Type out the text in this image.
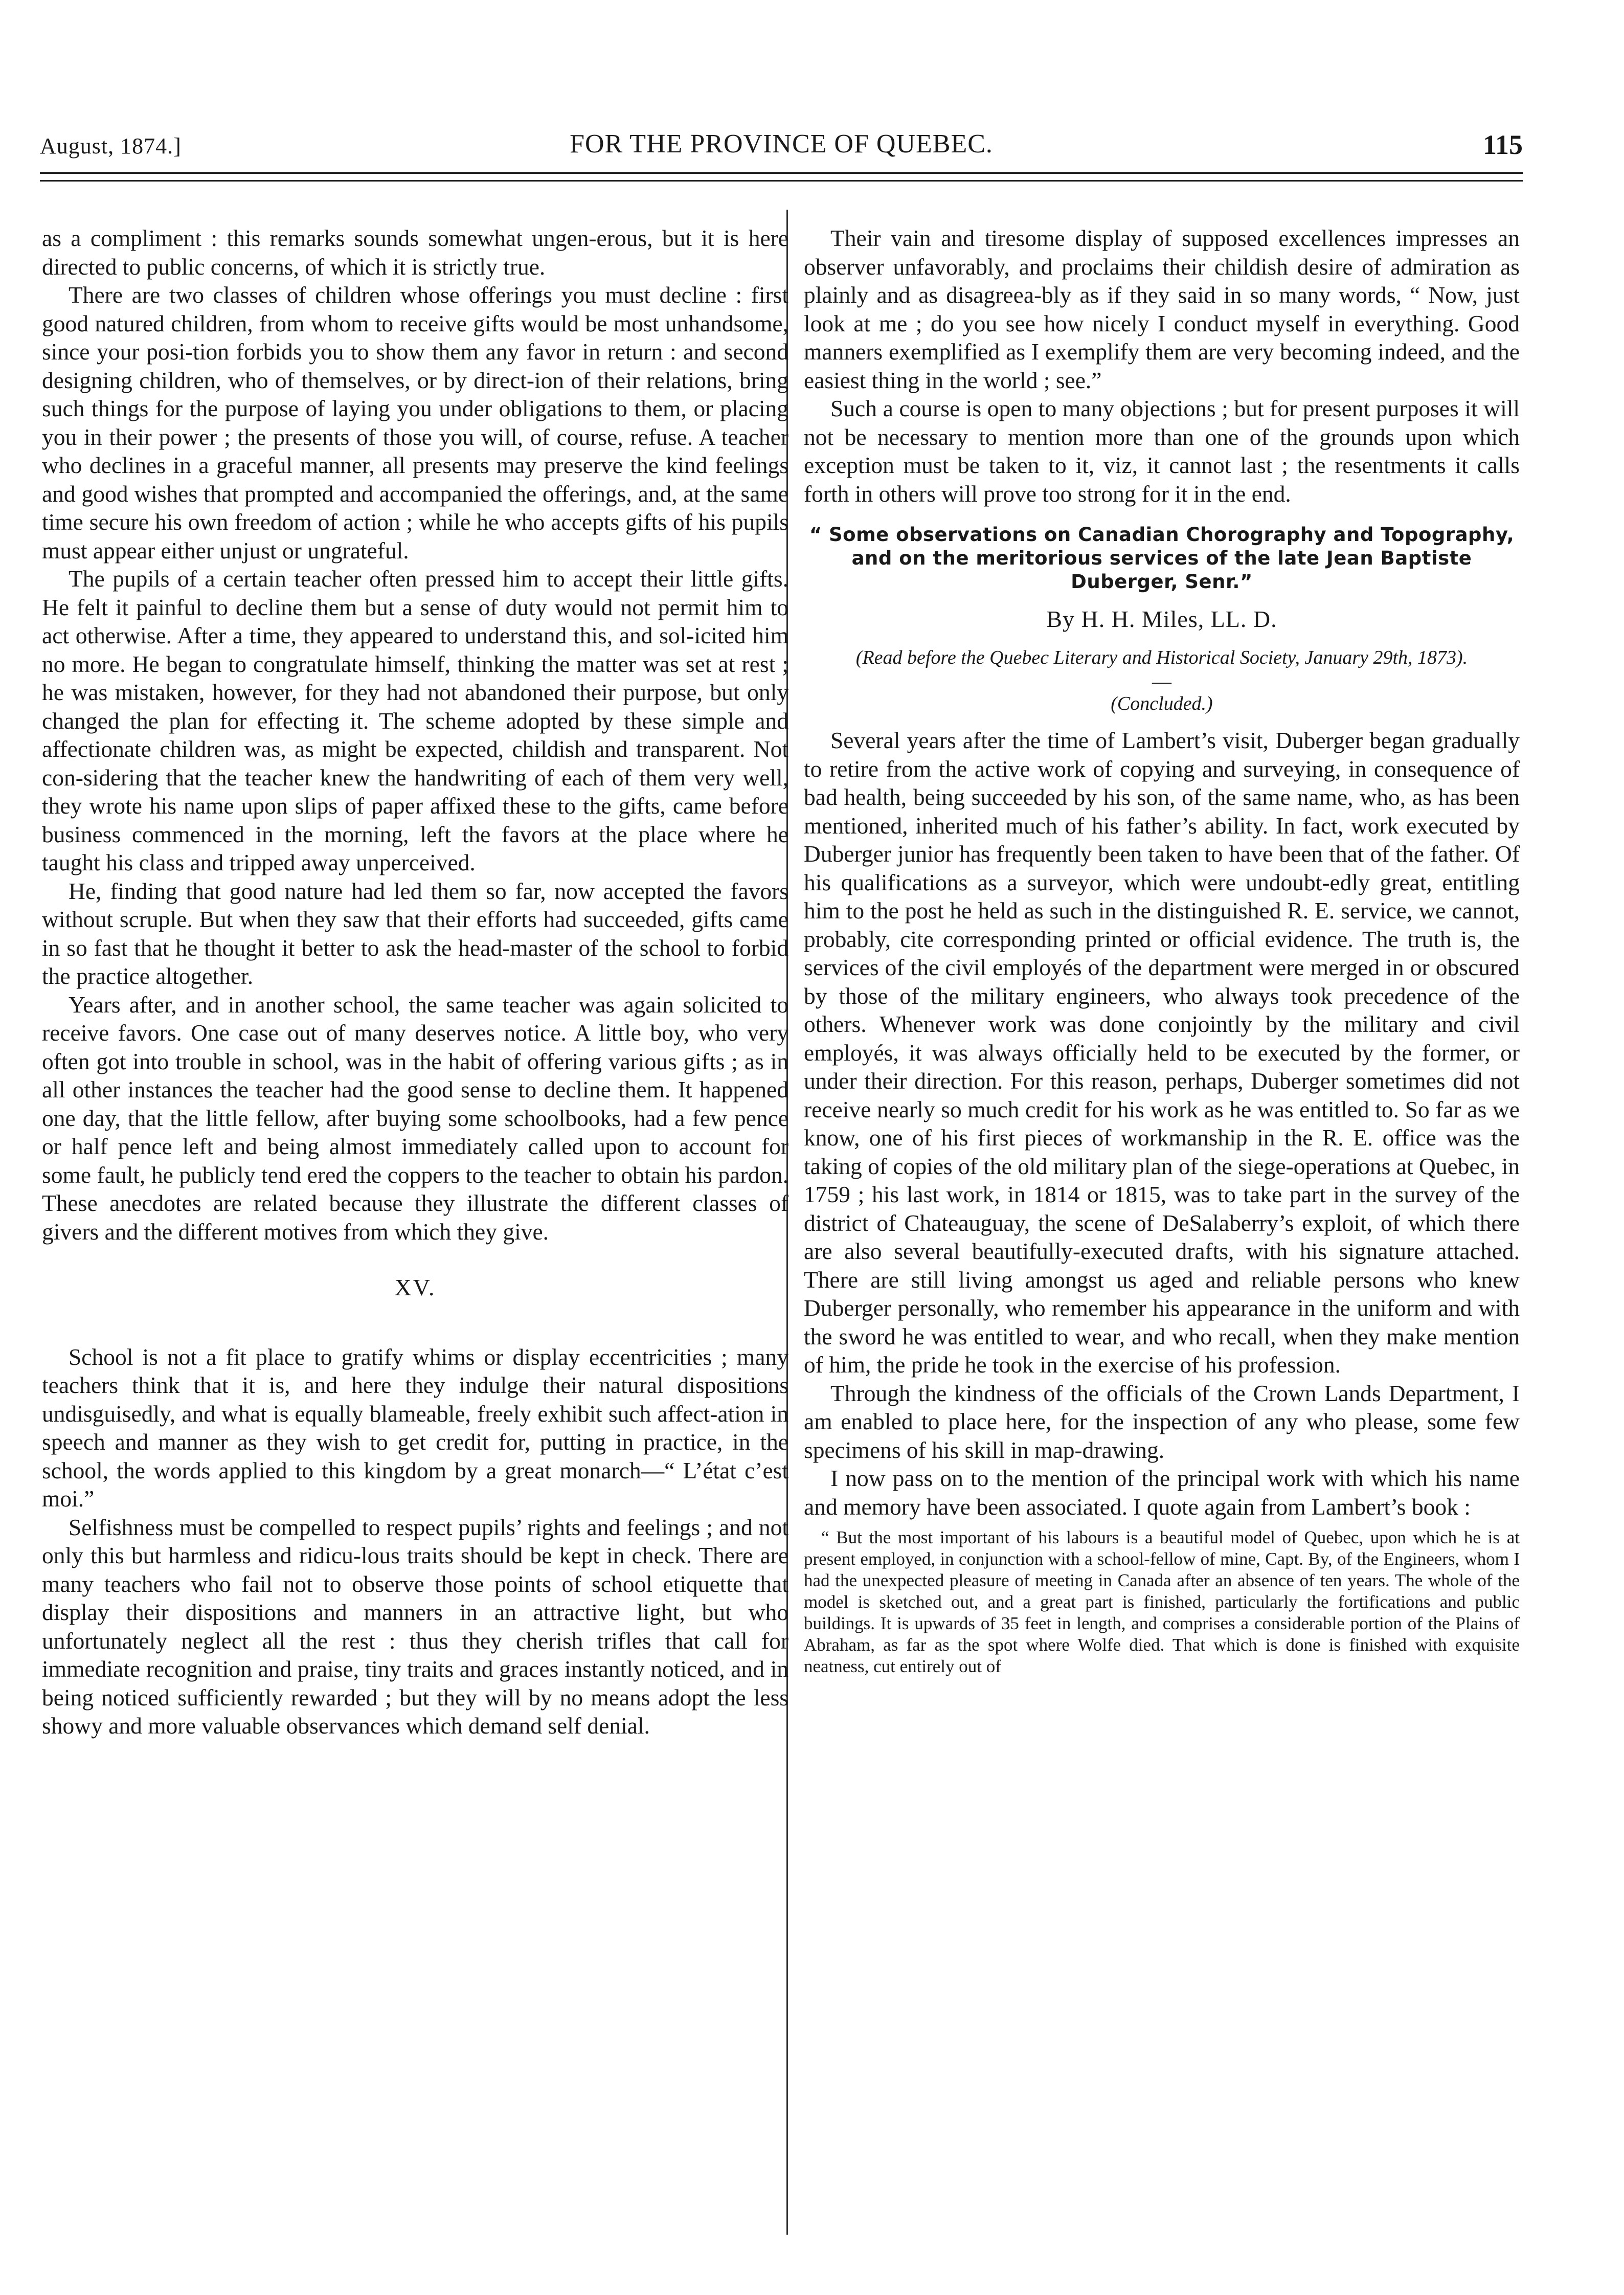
August, 1874.]	FOR THE PROVINCE OF QUEBEC.	115

as a compliment : this remarks sounds somewhat ungen-erous, but it is here directed to public concerns, of which it is strictly true.

There are two classes of children whose offerings you must decline : first good natured children, from whom to receive gifts would be most unhandsome, since your posi-tion forbids you to show them any favor in return : and second designing children, who of themselves, or by direct-ion of their relations, bring such things for the purpose of laying you under obligations to them, or placing you in their power ; the presents of those you will, of course, refuse. A teacher who declines in a graceful manner, all presents may preserve the kind feelings and good wishes that prompted and accompanied the offerings, and, at the same time secure his own freedom of action ; while he who accepts gifts of his pupils must appear either unjust or ungrateful.

The pupils of a certain teacher often pressed him to accept their little gifts. He felt it painful to decline them but a sense of duty would not permit him to act otherwise. After a time, they appeared to understand this, and sol-icited him no more. He began to congratulate himself, thinking the matter was set at rest ; he was mistaken, however, for they had not abandoned their purpose, but only changed the plan for effecting it. The scheme adopted by these simple and affectionate children was, as might be expected, childish and transparent. Not con-sidering that the teacher knew the handwriting of each of them very well, they wrote his name upon slips of paper affixed these to the gifts, came before business commenced in the morning, left the favors at the place where he taught his class and tripped away unperceived.

He, finding that good nature had led them so far, now accepted the favors without scruple. But when they saw that their efforts had succeeded, gifts came in so fast that he thought it better to ask the head-master of the school to forbid the practice altogether.

Years after, and in another school, the same teacher was again solicited to receive favors. One case out of many deserves notice. A little boy, who very often got into trouble in school, was in the habit of offering various gifts ; as in all other instances the teacher had the good sense to decline them. It happened one day, that the little fellow, after buying some schoolbooks, had a few pence or half pence left and being almost immediately called upon to account for some fault, he publicly tend ered the coppers to the teacher to obtain his pardon. These anecdotes are related because they illustrate the different classes of givers and the different motives from which they give.

XV.

School is not a fit place to gratify whims or display eccentricities ; many teachers think that it is, and here they indulge their natural dispositions undisguisedly, and what is equally blameable, freely exhibit such affect-ation in speech and manner as they wish to get credit for, putting in practice, in the school, the words applied to this kingdom by a great monarch—“ L’état c’est moi.”

Selfishness must be compelled to respect pupils’ rights and feelings ; and not only this but harmless and ridicu-lous traits should be kept in check. There are many teachers who fail not to observe those points of school etiquette that display their dispositions and manners in an attractive light, but who unfortunately neglect all the rest : thus they cherish trifles that call for immediate recognition and praise, tiny traits and graces instantly noticed, and in being noticed sufficiently rewarded ; but they will by no means adopt the less showy and more valuable observances which demand self denial.

Their vain and tiresome display of supposed excellences impresses an observer unfavorably, and proclaims their childish desire of admiration as plainly and as disagreea-bly as if they said in so many words, “ Now, just look at me ; do you see how nicely I conduct myself in everything. Good manners exemplified as I exemplify them are very becoming indeed, and the easiest thing in the world ; see.”

Such a course is open to many objections ; but for present purposes it will not be necessary to mention more than one of the grounds upon which exception must be taken to it, viz, it cannot last ; the resentments it calls forth in others will prove too strong for it in the end.

“ Some observations on Canadian Chorography and Topography, and on the meritorious services of the late Jean Baptiste Duberger, Senr.”
By H. H. Miles, LL. D.
(Read before the Quebec Literary and Historical Society, January 29th, 1873).
—
(Concluded.)

Several years after the time of Lambert’s visit, Duberger began gradually to retire from the active work of copying and surveying, in consequence of bad health, being succeeded by his son, of the same name, who, as has been mentioned, inherited much of his father’s ability. In fact, work executed by Duberger junior has frequently been taken to have been that of the father. Of his qualifications as a surveyor, which were undoubt-edly great, entitling him to the post he held as such in the distinguished R. E. service, we cannot, probably, cite corresponding printed or official evidence. The truth is, the services of the civil employés of the department were merged in or obscured by those of the military engineers, who always took precedence of the others. Whenever work was done conjointly by the military and civil employés, it was always officially held to be executed by the former, or under their direction. For this reason, perhaps, Duberger sometimes did not receive nearly so much credit for his work as he was entitled to. So far as we know, one of his first pieces of workmanship in the R. E. office was the taking of copies of the old military plan of the siege-operations at Quebec, in 1759 ; his last work, in 1814 or 1815, was to take part in the survey of the district of Chateauguay, the scene of DeSalaberry’s exploit, of which there are also several beautifully-executed drafts, with his signature attached. There are still living amongst us aged and reliable persons who knew Duberger personally, who remember his appearance in the uniform and with the sword he was entitled to wear, and who recall, when they make mention of him, the pride he took in the exercise of his profession.

Through the kindness of the officials of the Crown Lands Department, I am enabled to place here, for the inspection of any who please, some few specimens of his skill in map-drawing.

I now pass on to the mention of the principal work with which his name and memory have been associated. I quote again from Lambert’s book :

“ But the most important of his labours is a beautiful model of Quebec, upon which he is at present employed, in conjunction with a school-fellow of mine, Capt. By, of the Engineers, whom I had the unexpected pleasure of meeting in Canada after an absence of ten years. The whole of the model is sketched out, and a great part is finished, particularly the fortifications and public buildings. It is upwards of 35 feet in length, and comprises a considerable portion of the Plains of Abraham, as far as the spot where Wolfe died. That which is done is finished with exquisite neatness, cut entirely out of
